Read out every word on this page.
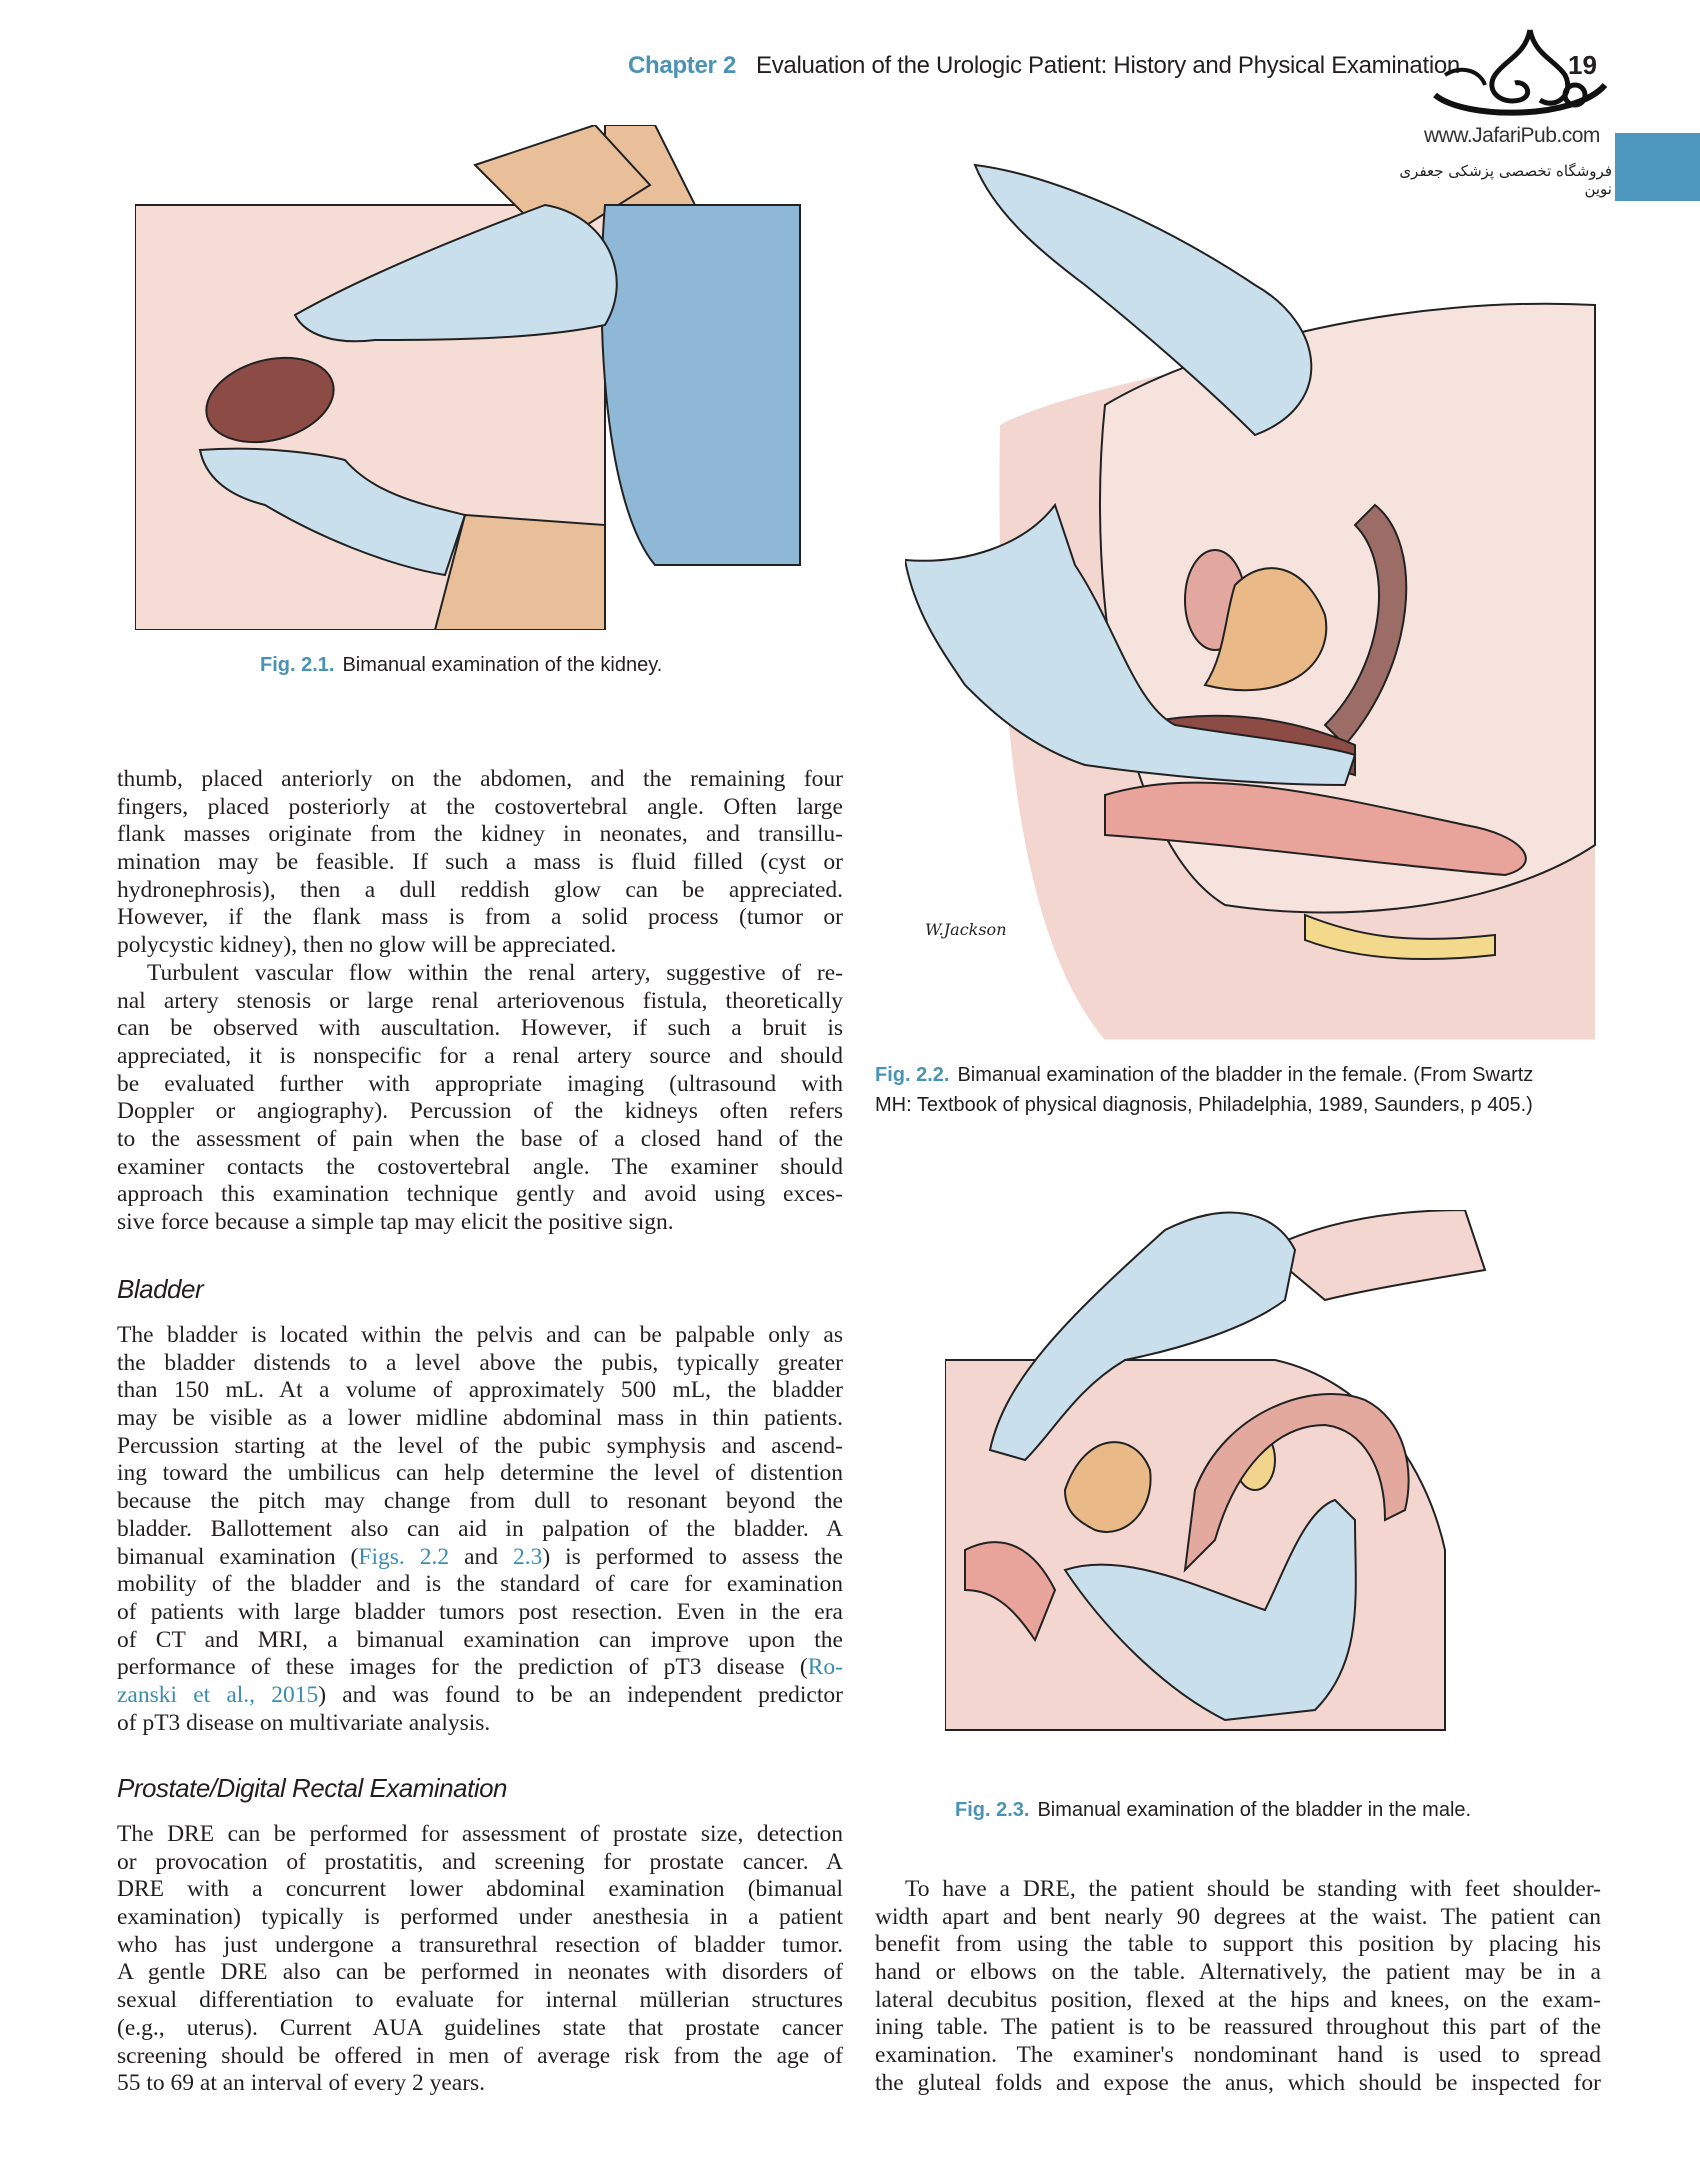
Chapter 2 Evaluation of the Urologic Patient: History and Physical Examination	19
www.JafariPub.com
فروشگاه تخصصی پزشکی جعفری نوین
Fig. 2.1. Bimanual examination of the kidney.
W.Jackson
Fig. 2.2. Bimanual examination of the bladder in the female. (From Swartz
MH: Textbook of physical diagnosis, Philadelphia, 1989, Saunders, p 405.)
Fig. 2.3. Bimanual examination of the bladder in the male.
thumb, placed anteriorly on the abdomen, and the remaining four
fingers, placed posteriorly at the costovertebral angle. Often large
flank masses originate from the kidney in neonates, and transillu-
mination may be feasible. If such a mass is fluid filled (cyst or
hydronephrosis), then a dull reddish glow can be appreciated.
However, if the flank mass is from a solid process (tumor or
polycystic kidney), then no glow will be appreciated.
Turbulent vascular flow within the renal artery, suggestive of re-
nal artery stenosis or large renal arteriovenous fistula, theoretically
can be observed with auscultation. However, if such a bruit is
appreciated, it is nonspecific for a renal artery source and should
be evaluated further with appropriate imaging (ultrasound with
Doppler or angiography). Percussion of the kidneys often refers
to the assessment of pain when the base of a closed hand of the
examiner contacts the costovertebral angle. The examiner should
approach this examination technique gently and avoid using exces-
sive force because a simple tap may elicit the positive sign.
Bladder
The bladder is located within the pelvis and can be palpable only as
the bladder distends to a level above the pubis, typically greater
than 150 mL. At a volume of approximately 500 mL, the bladder
may be visible as a lower midline abdominal mass in thin patients.
Percussion starting at the level of the pubic symphysis and ascend-
ing toward the umbilicus can help determine the level of distention
because the pitch may change from dull to resonant beyond the
bladder. Ballottement also can aid in palpation of the bladder. A
bimanual examination (Figs. 2.2 and 2.3) is performed to assess the
mobility of the bladder and is the standard of care for examination
of patients with large bladder tumors post resection. Even in the era
of CT and MRI, a bimanual examination can improve upon the
performance of these images for the prediction of pT3 disease (Ro-
zanski et al., 2015) and was found to be an independent predictor
of pT3 disease on multivariate analysis.
Prostate/Digital Rectal Examination
The DRE can be performed for assessment of prostate size, detection
or provocation of prostatitis, and screening for prostate cancer. A
DRE with a concurrent lower abdominal examination (bimanual
examination) typically is performed under anesthesia in a patient
who has just undergone a transurethral resection of bladder tumor.
A gentle DRE also can be performed in neonates with disorders of
sexual differentiation to evaluate for internal müllerian structures
(e.g., uterus). Current AUA guidelines state that prostate cancer
screening should be offered in men of average risk from the age of
55 to 69 at an interval of every 2 years.
To have a DRE, the patient should be standing with feet shoulder-
width apart and bent nearly 90 degrees at the waist. The patient can
benefit from using the table to support this position by placing his
hand or elbows on the table. Alternatively, the patient may be in a
lateral decubitus position, flexed at the hips and knees, on the exam-
ining table. The patient is to be reassured throughout this part of the
examination. The examiner's nondominant hand is used to spread
the gluteal folds and expose the anus, which should be inspected for
